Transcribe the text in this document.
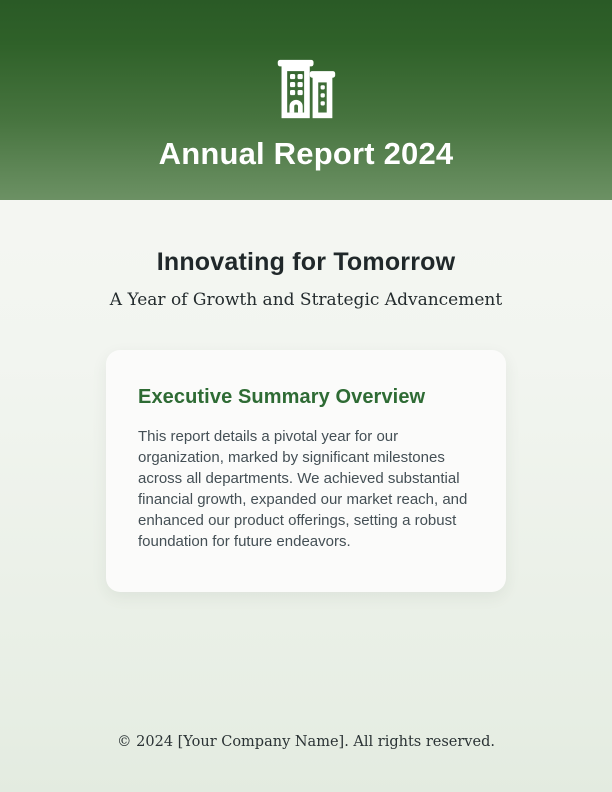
Annual Report 2024
Innovating for Tomorrow
A Year of Growth and Strategic Advancement
Executive Summary Overview

This report details a pivotal year for our organization, marked by significant milestones across all departments. We achieved substantial financial growth, expanded our market reach, and enhanced our product offerings, setting a robust foundation for future endeavors.

© 2024 [Your Company Name]. All rights reserved.
